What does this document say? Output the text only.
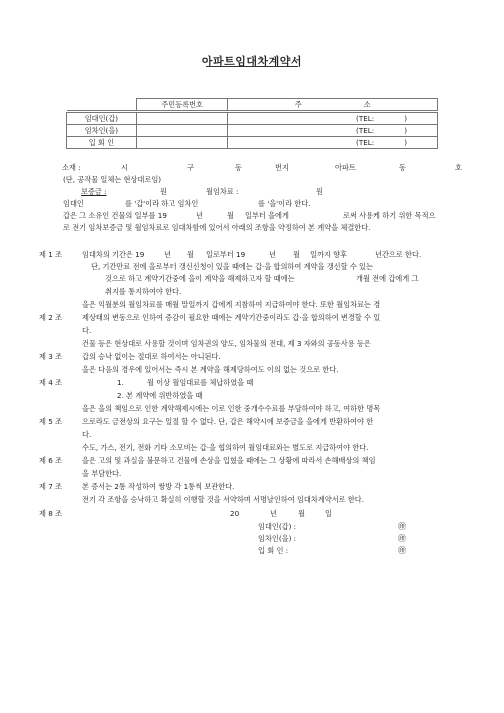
아파트임대차계약서
	주민등록번호	주 소

임대인(갑)		(TEL: )
임차인(을)		(TEL: )
입 회 인		(TEL: )
소재 :	시	구	동	번지	아파트	동	호
(단, 공작물 일체는 현상대로임)
보증금 :	원	월임차료 :	원
임대인	를 '갑'이라 하고 임차인	를 '을'이라 한다.
갑은 그 소유인 건물의 일부를 19	년	월 일부터 을에게	로써 사용케 하기 위한 목적으
로 전기 임차보증금 및 월임차료로 임대차함에 있어서 아래의 조항을 약정하여 본 계약을 체결한다.
제 1 조	임대차의 기간은 19	년 월 일로부터 19	년 월 일까지 향후	년간으로 한다.
단, 기간만료 전에 을로부터 갱신신청이 있을 때에는 갑·을 합의하여 계약을 갱신할 수 있는
것으로 하고 계약기간중에 을이 계약을 해제하고자 할 때에는	개월 전에 갑에게 그
취지를 통지하여야 한다.
을은 익월분의 월임차료를 매월 말일까지 갑에게 지참하여 지급하여야 한다. 또한 월임차료는 경
제 2 조	제상태의 변동으로 인하여 증감이 필요한 때에는 계약기간중이라도 갑·을 합의하여 변경할 수 있
다.
건물 등은 현상대로 사용할 것이며 임차권의 양도, 임차물의 전대, 제 3 자와의 공동사용 등은
제 3 조	갑의 승낙 없이는 절대로 하여서는 아니된다.
을은 다음의 경우에 있어서는 즉시 본 계약을 해제당하여도 이의 없는 것으로 한다.
제 4 조	1.	월 이상 월임대료를 체납하였을 때
2. 본 계약에 위반하였을 때
을은 을의 책임으로 인한 계약해제시에는 이로 인한 중개수수료를 부담하여야 하고, 여하한 명목
제 5 조	으로라도 금전상의 요구는 일절 할 수 없다. 단, 갑은 해약시에 보증금을 을에게 반환하여야 한
다.
수도, 가스, 전기, 전화 기타 소모비는 갑·을 협의하여 월임대료와는 별도로 지급하여야 한다.
제 6 조	을은 고의 및 과실을 불문하고 건물에 손상을 입혔을 때에는 그 상황에 따라서 손해배상의 책임
을 부담한다.
제 7 조	본 증서는 2통 작성하여 쌍방 각 1통씩 보관한다.
전기 각 조항을 승낙하고 확실히 이행할 것을 서약하며 서명날인하여 임대차계약서로 한다.
제 8 조	20	년	월	일
임대인(갑) :	㊞
임차인(을) :	㊞
입 회 인 :	㊞
